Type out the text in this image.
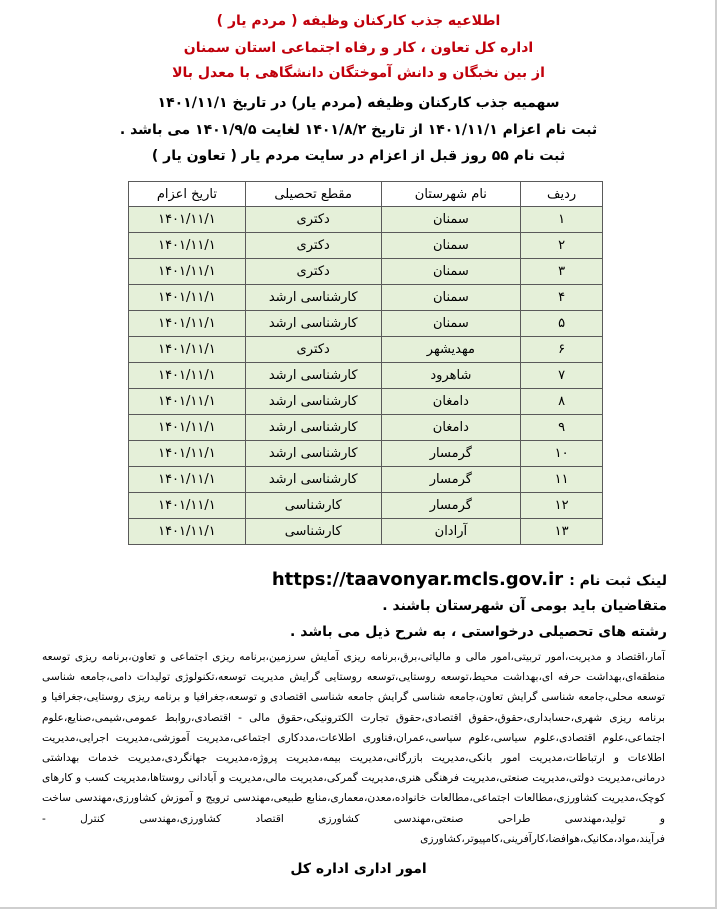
اطلاعیه جذب کارکنان وظیفه ( مردم یار )
اداره کل تعاون ، کار و رفاه اجتماعی استان سمنان
از بین نخبگان و دانش آموختگان دانشگاهی با معدل بالا
سهمیه جذب کارکنان وظیفه (مردم یار) در تاریخ ۱۴۰۱/۱۱/۱
ثبت نام اعزام ۱۴۰۱/۱۱/۱ از تاریخ ۱۴۰۱/۸/۲ لغایت ۱۴۰۱/۹/۵ می باشد .
ثبت نام ۵۵ روز قبل از اعزام در سایت مردم یار ( تعاون یار )
ردیف	نام شهرستان	مقطع تحصیلی	تاریخ اعزام
۱	سمنان	دکتری	۱۴۰۱/۱۱/۱
۲	سمنان	دکتری	۱۴۰۱/۱۱/۱
۳	سمنان	دکتری	۱۴۰۱/۱۱/۱
۴	سمنان	کارشناسی ارشد	۱۴۰۱/۱۱/۱
۵	سمنان	کارشناسی ارشد	۱۴۰۱/۱۱/۱
۶	مهدیشهر	دکتری	۱۴۰۱/۱۱/۱
۷	شاهرود	کارشناسی ارشد	۱۴۰۱/۱۱/۱
۸	دامغان	کارشناسی ارشد	۱۴۰۱/۱۱/۱
۹	دامغان	کارشناسی ارشد	۱۴۰۱/۱۱/۱
۱۰	گرمسار	کارشناسی ارشد	۱۴۰۱/۱۱/۱
۱۱	گرمسار	کارشناسی ارشد	۱۴۰۱/۱۱/۱
۱۲	گرمسار	کارشناسی	۱۴۰۱/۱۱/۱
۱۳	آرادان	کارشناسی	۱۴۰۱/۱۱/۱
لینک ثبت نام :https://taavonyar.mcls.gov.ir
متقاضیان باید بومی آن شهرستان باشند .
رشته های تحصیلی درخواستی ، به شرح ذیل می باشد .
آمار،اقتصاد و مدیریت،امور تربیتی،امور مالی و مالیاتی،برق،برنامه ریزی آمایش سرزمین،برنامه ریزی اجتماعی و تعاون،برنامه ریزی توسعه منطقه‌ای،بهداشت حرفه ای،بهداشت محیط،توسعه روستایی،توسعه روستایی گرایش مدیریت توسعه،تکنولوژی تولیدات دامی،جامعه شناسی توسعه محلی،جامعه شناسی گرایش تعاون،جامعه شناسی گرایش جامعه شناسی اقتصادی و توسعه،جغرافیا و برنامه ریزی روستایی،جغرافیا و برنامه ریزی شهری،حسابداری،حقوق،حقوق اقتصادی،حقوق تجارت الکترونیکی،حقوق مالی - اقتصادی،روابط عمومی،شیمی،صنایع،علوم اجتماعی،علوم اقتصادی،علوم سیاسی،علوم سیاسی،عمران،فناوری اطلاعات،مددکاری اجتماعی،مدیریت آموزشی،مدیریت اجرایی،مدیریت اطلاعات و ارتباطات،مدیریت امور بانکی،مدیریت بازرگانی،مدیریت بیمه،مدیریت پروژه،مدیریت جهانگردی،مدیریت خدمات بهداشتی درمانی،مدیریت دولتی،مدیریت صنعتی،مدیریت فرهنگی هنری،مدیریت گمرکی،مدیریت مالی،مدیریت و آبادانی روستاها،مدیریت کسب و کارهای کوچک،مدیریت کشاورزی،مطالعات اجتماعی،مطالعات خانواده،معدن،معماری،منابع طبیعی،مهندسی ترویج و آموزش کشاورزی،مهندسی ساخت و تولید،مهندسی طراحی صنعتی،مهندسی کشاورزی اقتصاد کشاورزی،مهندسی کنترل - فرآیند،مواد،مکانیک،هوافضا،کارآفرینی،کامپیوتر،کشاورزی
امور اداری اداره کل
